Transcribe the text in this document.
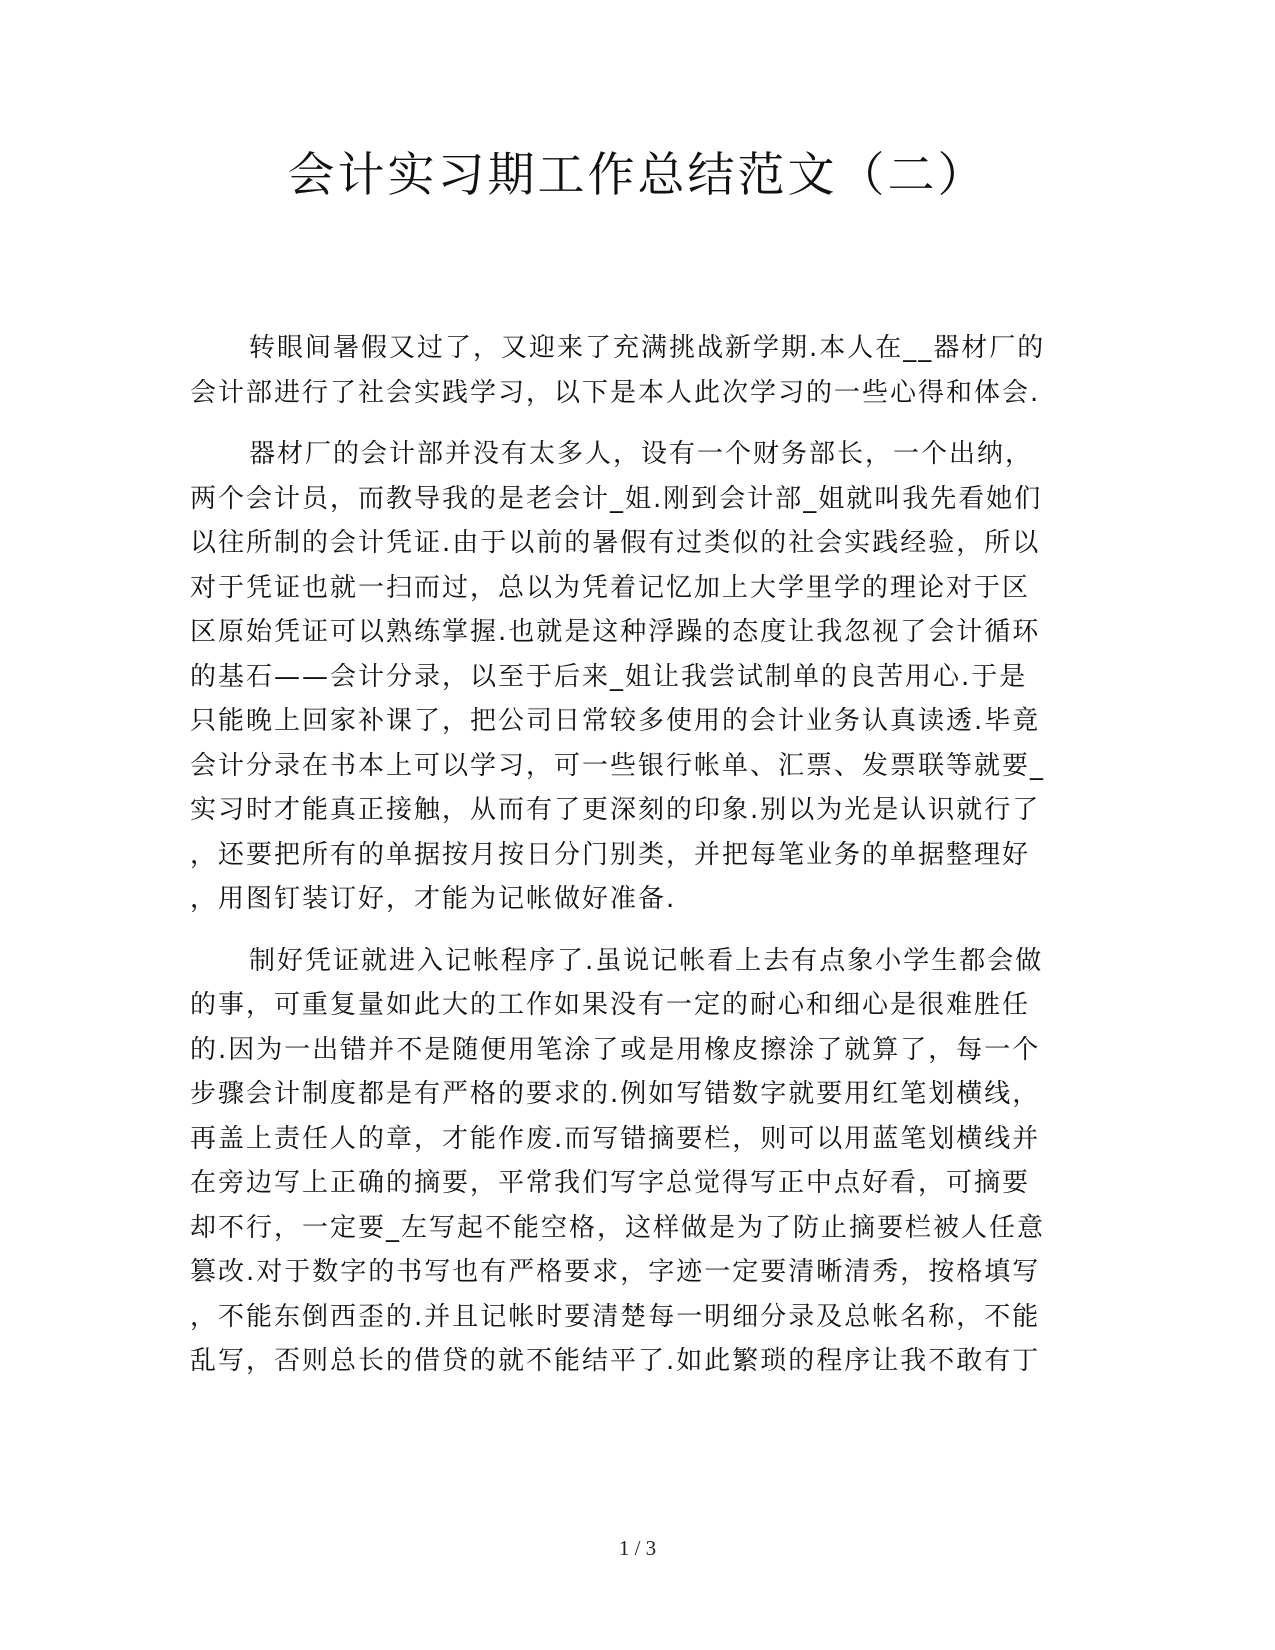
会计实习期工作总结范文（二）

转眼间暑假又过了，又迎来了充满挑战新学期.本人在__器材厂的
会计部进行了社会实践学习，以下是本人此次学习的一些心得和体会.

器材厂的会计部并没有太多人，设有一个财务部长，一个出纳，
两个会计员，而教导我的是老会计_姐.刚到会计部_姐就叫我先看她们
以往所制的会计凭证.由于以前的暑假有过类似的社会实践经验，所以
对于凭证也就一扫而过，总以为凭着记忆加上大学里学的理论对于区
区原始凭证可以熟练掌握.也就是这种浮躁的态度让我忽视了会计循环
的基石——会计分录，以至于后来_姐让我尝试制单的良苦用心.于是
只能晚上回家补课了，把公司日常较多使用的会计业务认真读透.毕竟
会计分录在书本上可以学习，可一些银行帐单、汇票、发票联等就要_
实习时才能真正接触，从而有了更深刻的印象.别以为光是认识就行了
，还要把所有的单据按月按日分门别类，并把每笔业务的单据整理好
，用图钉装订好，才能为记帐做好准备.

制好凭证就进入记帐程序了.虽说记帐看上去有点象小学生都会做
的事，可重复量如此大的工作如果没有一定的耐心和细心是很难胜任
的.因为一出错并不是随便用笔涂了或是用橡皮擦涂了就算了，每一个
步骤会计制度都是有严格的要求的.例如写错数字就要用红笔划横线，
再盖上责任人的章，才能作废.而写错摘要栏，则可以用蓝笔划横线并
在旁边写上正确的摘要，平常我们写字总觉得写正中点好看，可摘要
却不行，一定要_左写起不能空格，这样做是为了防止摘要栏被人任意
篡改.对于数字的书写也有严格要求，字迹一定要清晰清秀，按格填写
，不能东倒西歪的.并且记帐时要清楚每一明细分录及总帐名称，不能
乱写，否则总长的借贷的就不能结平了.如此繁琐的程序让我不敢有丁

1 / 3
